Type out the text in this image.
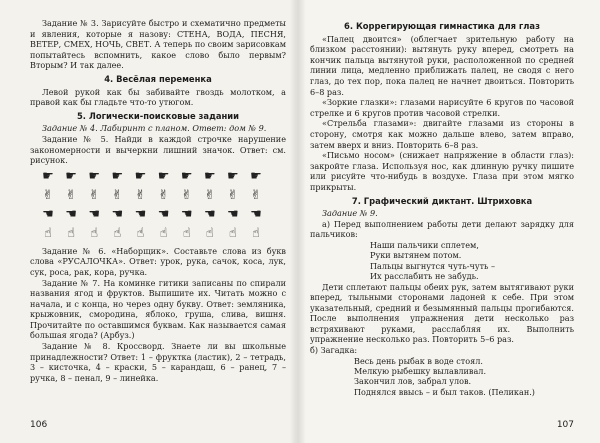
Задание № 3. Зарисуйте быстро и схематично предметы и явления, которые я назову: СТЕНА, ВОДА, ПЕСНЯ, ВЕТЕР, СМЕХ, НОЧЬ, СВЕТ. А теперь по своим зарисовкам попытайтесь вспомнить, какое слово было первым? Вторым? И так далее.

4. Весёлая переменка

Левой рукой как бы забивайте гвоздь молотком, а правой как бы гладьте что-то утюгом.

5. Логически-поисковые задании

Задание № 4. Лабиринт с планом. Ответ: дом № 9.

Задание № 5. Найди в каждой строчке нарушение закономерности и вычеркни лишний значок. Ответ: см. рисунок.

☛ ☛ ☛ ☛ ☛ ☛ ☛ ☛ ☛ ☛
✌ ✌ ✌ ✌ ✌ ✌ ✌ ✌ ✌ ✌
☚ ☚ ☚ ☚ ☚ ☚ ☚ ☚ ☚ ☚
☝	☝	☝	☝	☝	☝	☝	☝	☝	☝

Задание № 6. «Наборщик». Составьте слова из букв слова «РУСАЛОЧКА». Ответ: урок, рука, сачок, коса, лук, сук, роса, рак, кора, ручка.

Задание № 7. На коминке гитики записаны по спирали названия ягод и фруктов. Выпишите их. Читать можно с начала, и с конца, но через одну букву. Ответ: земляника, крыжовник, смородина, яблоко, груша, слива, вишня. Прочитайте по оставшимся буквам. Как называется самая большая ягода? (Арбуз.)

Задание № 8. Кроссворд. Знаете ли вы школьные принадлежности? Ответ: 1 – фруктка (ластик), 2 – тетрадь, 3 – кисточка, 4 – краски, 5 – карандаш, 6 – ранец, 7 – ручка, 8 – пенал, 9 – линейка.

106
6. Коррегирующая гимнастика для глаз

«Палец двоится» (облегчает зрительную работу на близком расстоянии): вытянуть руку вперед, смотреть на кончик пальца вытянутой руки, расположенной по средней линии лица, медленно приближать палец, не сводя с него глаз, до тех пор, пока палец не начнет двоиться. Повторить 6–8 раз.

«Зоркие глазки»: глазами нарисуйте 6 кругов по часовой стрелке и 6 кругов против часовой стрелки.

«Стрельба глазами»: двигайте глазами из стороны в сторону, смотря как можно дальше влево, затем вправо, затем вверх и вниз. Повторить 6–8 раз.

«Письмо носом» (снижает напряжение в области глаз): закройте глаза. Используя нос, как длинную ручку пишите или рисуйте что-нибудь в воздухе. Глаза при этом мягко прикрыты.

7. Графический диктант. Штриховка

Задание № 9.

а) Перед выполнением работы дети делают зарядку для пальчиков:

Наши пальчики сплетем,
Руки вытянем потом.
Пальцы выгнутся чуть-чуть –
Их расслабить не забудь.

Дети сплетают пальцы обеих рук, затем вытягивают руки вперед, тыльными сторонами ладоней к себе. При этом указательный, средний и безымянный пальцы прогибаются. После выполнения упражнения дети несколько раз встряхивают руками, расслабляя их. Выполнить упражнение несколько раз. Повторить 5–6 раз.

б) Загадка:

Весь день рыбак в воде стоял.
Мелкую рыбешку вылавливал.
Закончил лов, забрал улов.
Поднялся ввысь – и был таков. (Пеликан.)
107
